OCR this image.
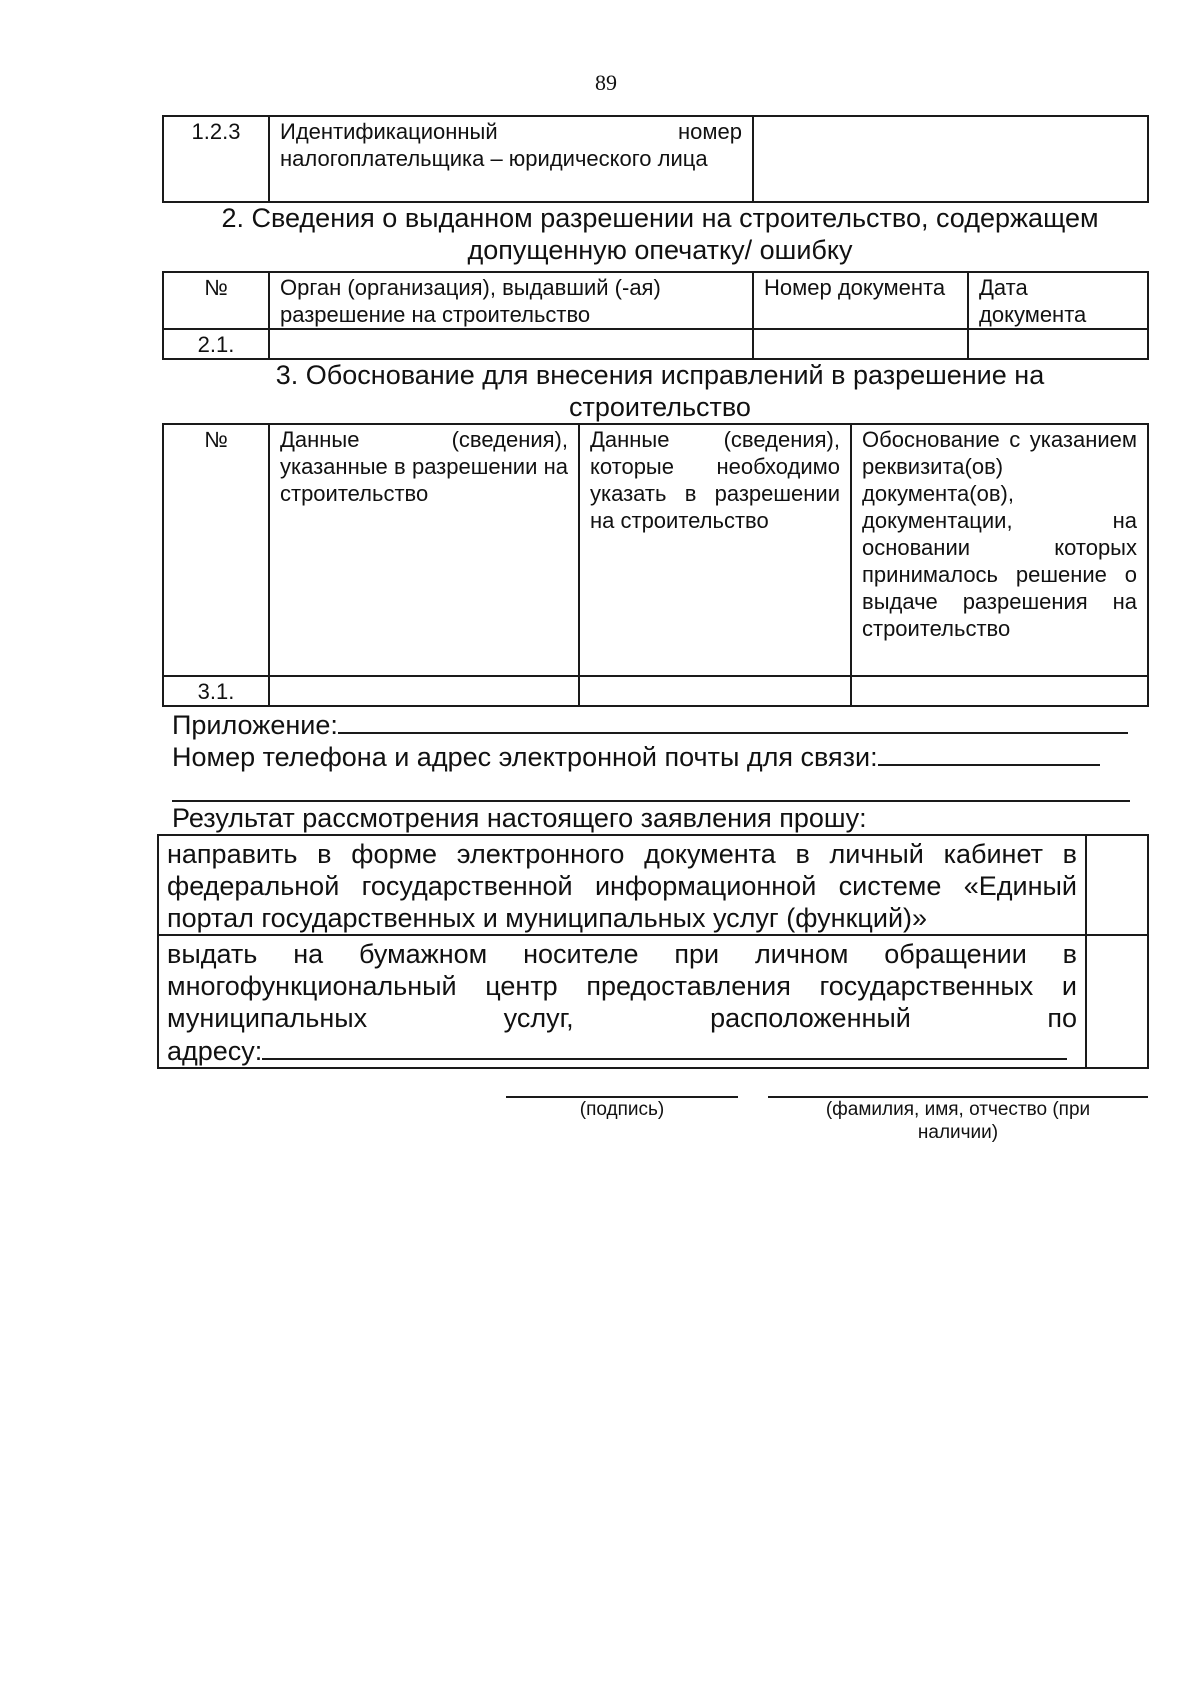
89
1.2.3	Идентификационный номер налогоплательщика – юридического лица	
2. Сведения о выданном разрешении на строительство, содержащем
допущенную опечатку/ ошибку
№	Орган (организация), выдавший (-ая) разрешение на строительство	Номер документа	Дата документа
2.1.			
3. Обоснование для внесения исправлений в разрешение на
строительство
№	Данные (сведения), указанные в разрешении на строительство	Данные (сведения), которые необходимо указать в разрешении на строительство	Обоснование с указанием реквизита(ов) документа(ов), документации, на основании которых принималось решение о выдаче разрешения на строительство
3.1.			
Приложение:
Номер телефона и адрес электронной почты для связи:
Результат рассмотрения настоящего заявления прошу:
направить в форме электронного документа в личный кабинет в федеральной государственной информационной системе «Единый портал государственных и муниципальных услуг (функций)»	

выдать на бумажном носителе при личном обращении в многофункциональный центр предоставления государственных и муниципальных услуг, расположенный по
адресу:	

(подпись)	(фамилия, имя, отчество (при
наличии)
